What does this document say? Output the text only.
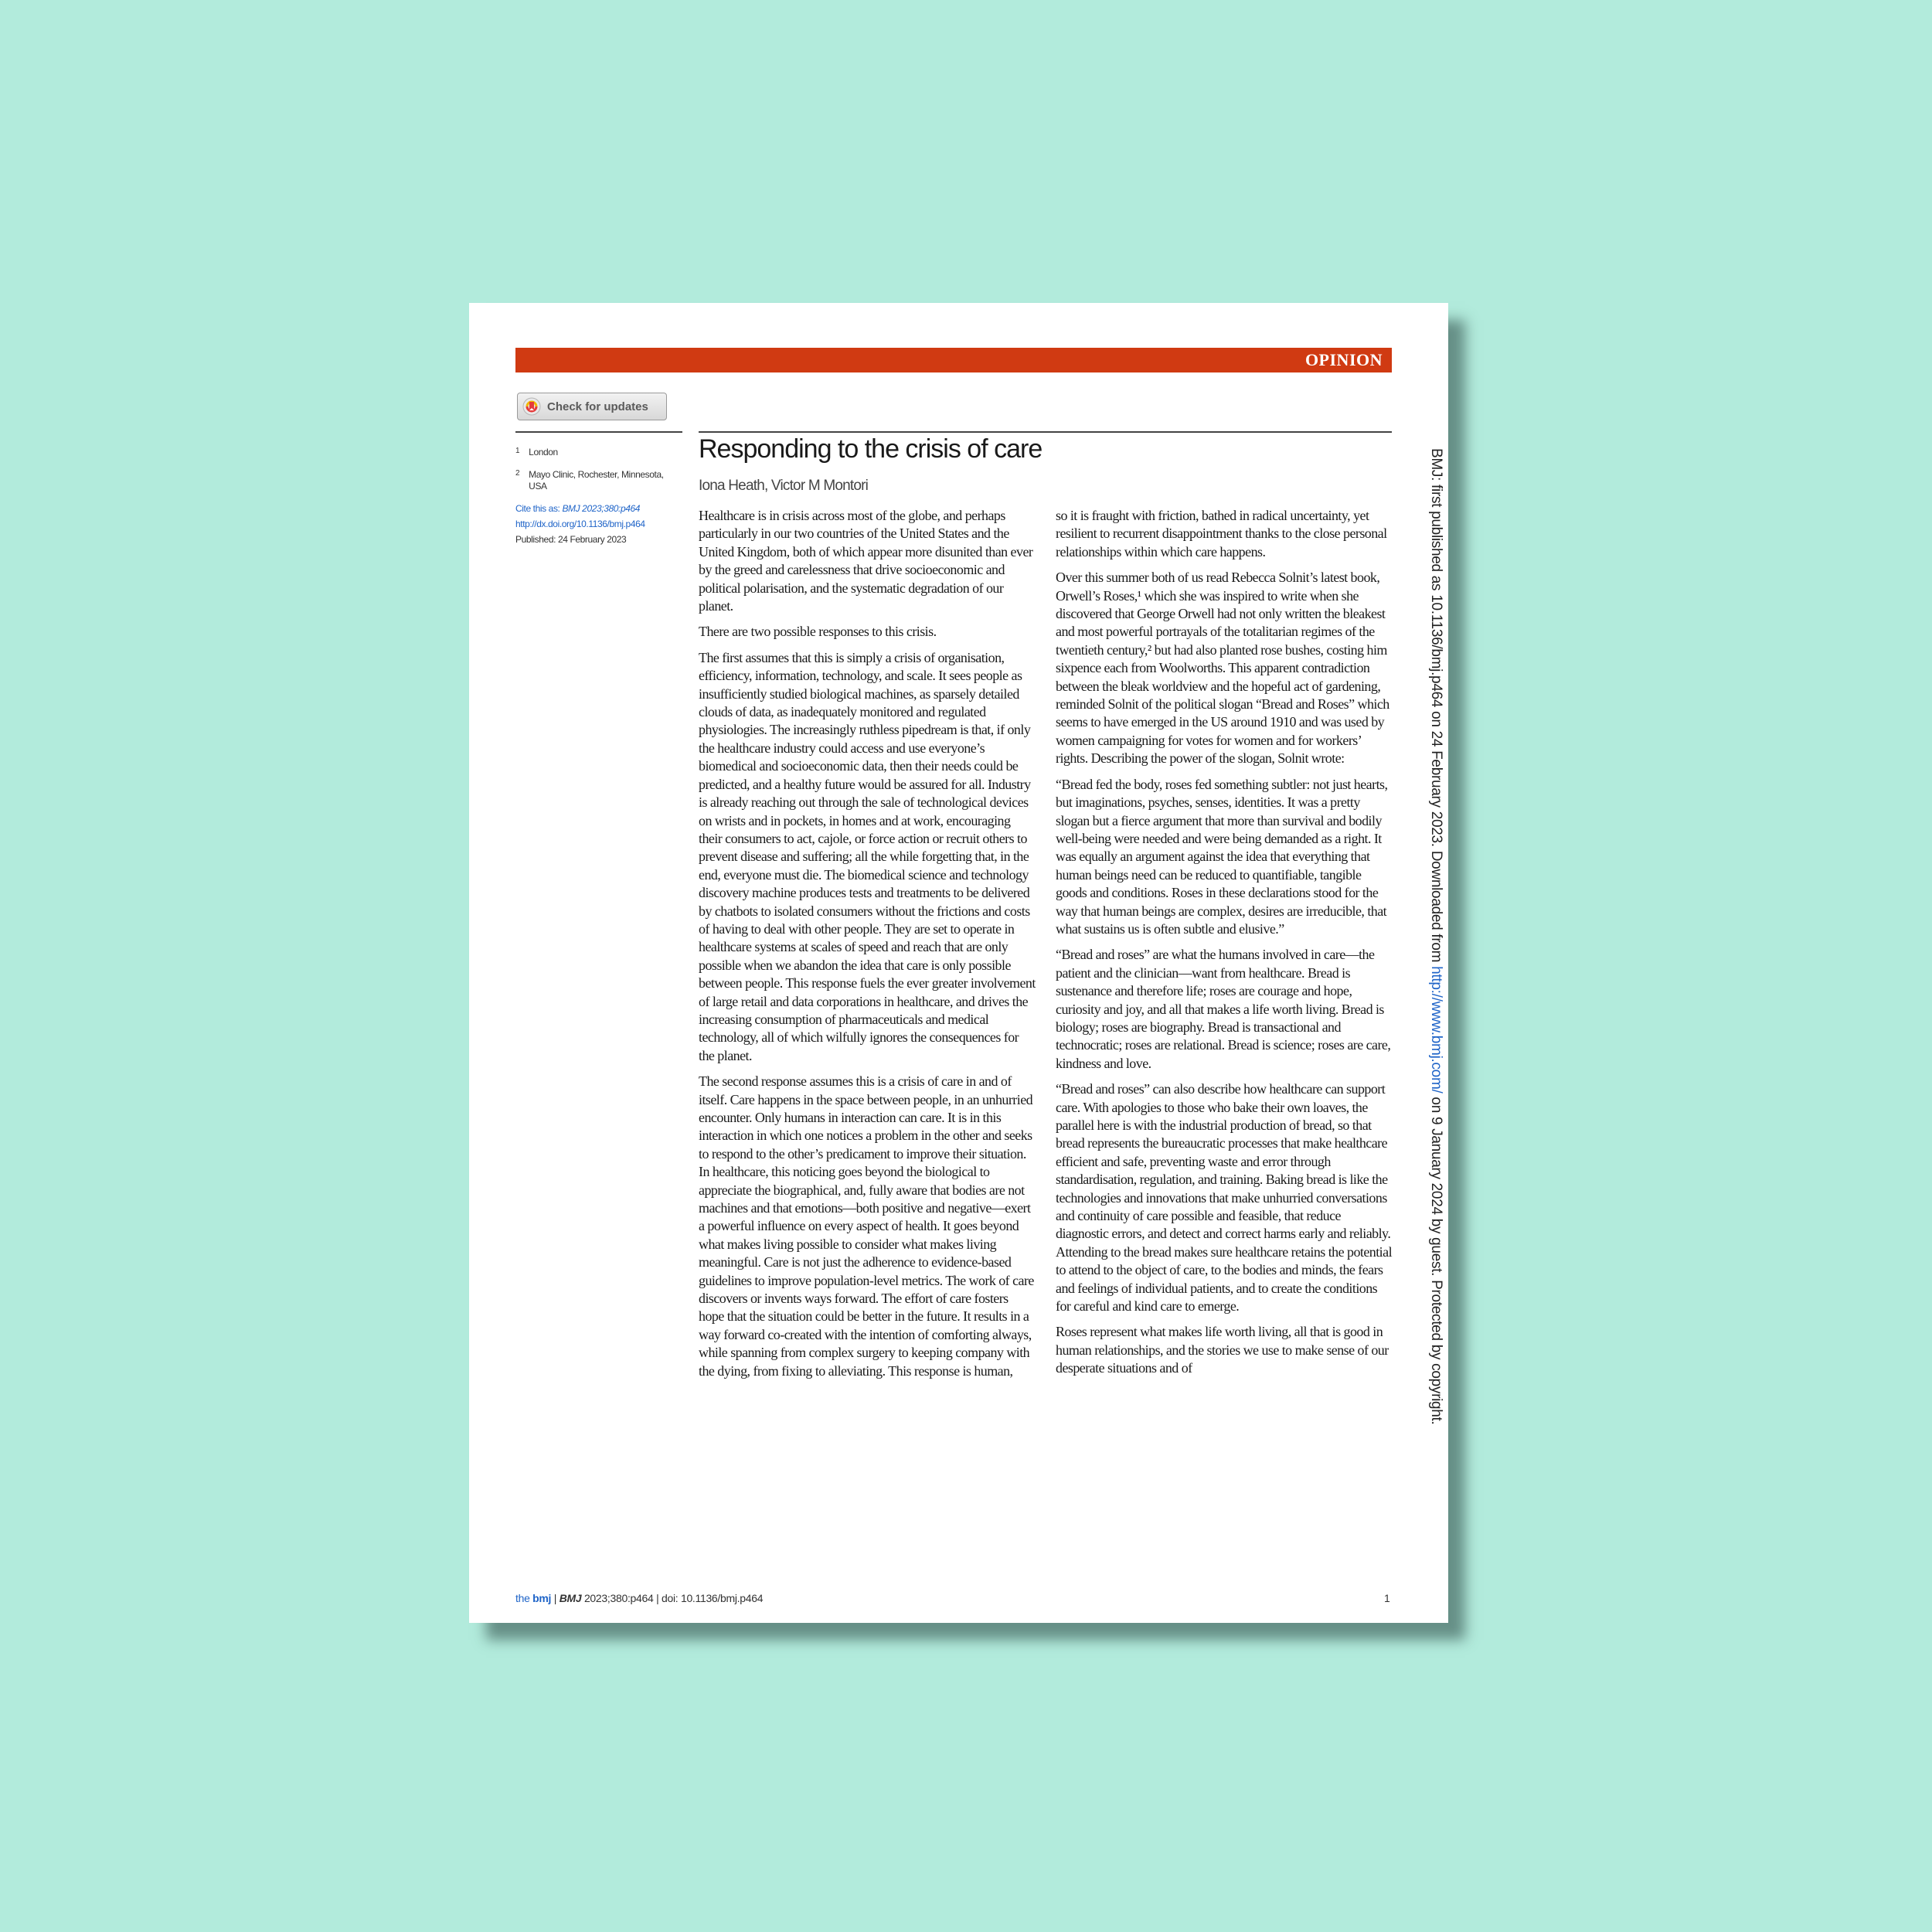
OPINION
Check for updates
1 London
2 Mayo Clinic, Rochester, Minnesota, USA
Cite this as: BMJ 2023;380:p464
http://dx.doi.org/10.1136/bmj.p464
Published: 24 February 2023
Responding to the crisis of care
Iona Heath, Victor M Montori

Healthcare is in crisis across most of the globe, and perhaps particularly in our two countries of the United States and the United Kingdom, both of which appear more disunited than ever by the greed and carelessness that drive socioeconomic and political polarisation, and the systematic degradation of our planet.

There are two possible responses to this crisis.

The first assumes that this is simply a crisis of organisation, efficiency, information, technology, and scale. It sees people as insufficiently studied biological machines, as sparsely detailed clouds of data, as inadequately monitored and regulated physiologies. The increasingly ruthless pipedream is that, if only the healthcare industry could access and use everyone’s biomedical and socioeconomic data, then their needs could be predicted, and a healthy future would be assured for all. Industry is already reaching out through the sale of technological devices on wrists and in pockets, in homes and at work, encouraging their consumers to act, cajole, or force action or recruit others to prevent disease and suffering; all the while forgetting that, in the end, everyone must die. The biomedical science and technology discovery machine produces tests and treatments to be delivered by chatbots to isolated consumers without the frictions and costs of having to deal with other people. They are set to operate in healthcare systems at scales of speed and reach that are only possible when we abandon the idea that care is only possible between people. This response fuels the ever greater involvement of large retail and data corporations in healthcare, and drives the increasing consumption of pharmaceuticals and medical technology, all of which wilfully ignores the consequences for the planet.

The second response assumes this is a crisis of care in and of itself. Care happens in the space between people, in an unhurried encounter. Only humans in interaction can care. It is in this interaction in which one notices a problem in the other and seeks to respond to the other’s predicament to improve their situation. In healthcare, this noticing goes beyond the biological to appreciate the biographical, and, fully aware that bodies are not machines and that emotions—both positive and negative—exert a powerful influence on every aspect of health. It goes beyond what makes living possible to consider what makes living meaningful. Care is not just the adherence to evidence-based guidelines to improve population-level metrics. The work of care discovers or invents ways forward. The effort of care fosters hope that the situation could be better in the future. It results in a way forward co-created with the intention of comforting always, while spanning from complex surgery to keeping company with the dying, from fixing to alleviating. This response is human,

so it is fraught with friction, bathed in radical uncertainty, yet resilient to recurrent disappointment thanks to the close personal relationships within which care happens.

Over this summer both of us read Rebecca Solnit’s latest book, Orwell’s Roses,¹ which she was inspired to write when she discovered that George Orwell had not only written the bleakest and most powerful portrayals of the totalitarian regimes of the twentieth century,² but had also planted rose bushes, costing him sixpence each from Woolworths. This apparent contradiction between the bleak worldview and the hopeful act of gardening, reminded Solnit of the political slogan “Bread and Roses” which seems to have emerged in the US around 1910 and was used by women campaigning for votes for women and for workers’ rights. Describing the power of the slogan, Solnit wrote:

“Bread fed the body, roses fed something subtler: not just hearts, but imaginations, psyches, senses, identities. It was a pretty slogan but a fierce argument that more than survival and bodily well-being were needed and were being demanded as a right. It was equally an argument against the idea that everything that human beings need can be reduced to quantifiable, tangible goods and conditions. Roses in these declarations stood for the way that human beings are complex, desires are irreducible, that what sustains us is often subtle and elusive.”

“Bread and roses” are what the humans involved in care—the patient and the clinician—want from healthcare. Bread is sustenance and therefore life; roses are courage and hope, curiosity and joy, and all that makes a life worth living. Bread is biology; roses are biography. Bread is transactional and technocratic; roses are relational. Bread is science; roses are care, kindness and love.

“Bread and roses” can also describe how healthcare can support care. With apologies to those who bake their own loaves, the parallel here is with the industrial production of bread, so that bread represents the bureaucratic processes that make healthcare efficient and safe, preventing waste and error through standardisation, regulation, and training. Baking bread is like the technologies and innovations that make unhurried conversations and continuity of care possible and feasible, that reduce diagnostic errors, and detect and correct harms early and reliably. Attending to the bread makes sure healthcare retains the potential to attend to the object of care, to the bodies and minds, the fears and feelings of individual patients, and to create the conditions for careful and kind care to emerge.

Roses represent what makes life worth living, all that is good in human relationships, and the stories we use to make sense of our desperate situations and of

BMJ: first published as 10.1136/bmj.p464 on 24 February 2023. Downloaded from http://www.bmj.com/ on 9 January 2024 by guest. Protected by copyright.
the bmj | BMJ 2023;380:p464 | doi: 10.1136/bmj.p464	1
